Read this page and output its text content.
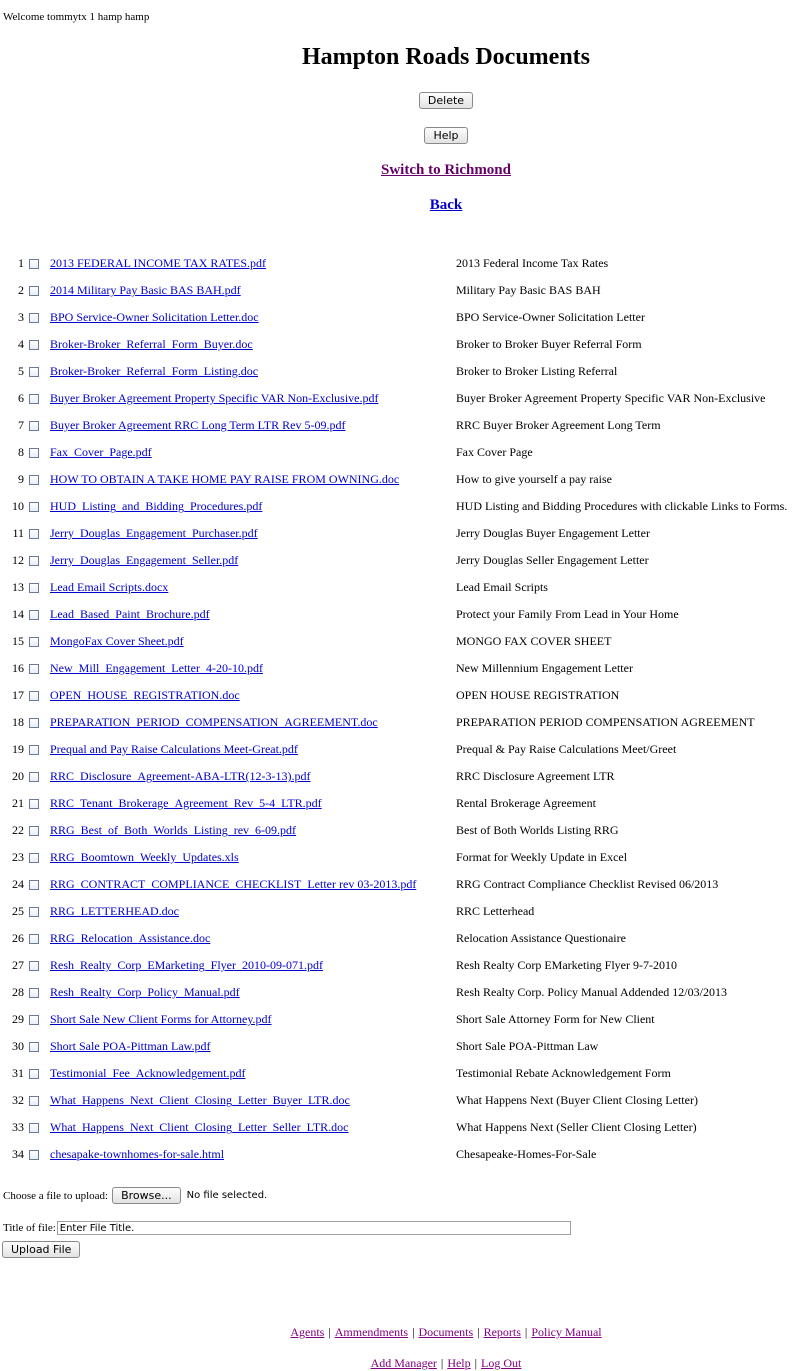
Welcome tommytx 1 hamp hamp
Hampton Roads Documents
Delete
Help
Switch to Richmond
Back
1	2013 FEDERAL INCOME TAX RATES.pdf	2013 Federal Income Tax Rates
2	2014 Military Pay Basic BAS BAH.pdf	Military Pay Basic BAS BAH
3	BPO Service-Owner Solicitation Letter.doc	BPO Service-Owner Solicitation Letter
4	Broker-Broker_Referral_Form_Buyer.doc	Broker to Broker Buyer Referral Form
5	Broker-Broker_Referral_Form_Listing.doc	Broker to Broker Listing Referral
6	Buyer Broker Agreement Property Specific VAR Non-Exclusive.pdf	Buyer Broker Agreement Property Specific VAR Non-Exclusive
7	Buyer Broker Agreement RRC Long Term LTR Rev 5-09.pdf	RRC Buyer Broker Agreement Long Term
8	Fax_Cover_Page.pdf	Fax Cover Page
9	HOW TO OBTAIN A TAKE HOME PAY RAISE FROM OWNING.doc	How to give yourself a pay raise
10	HUD_Listing_and_Bidding_Procedures.pdf	HUD Listing and Bidding Procedures with clickable Links to Forms.
11	Jerry_Douglas_Engagement_Purchaser.pdf	Jerry Douglas Buyer Engagement Letter
12	Jerry_Douglas_Engagement_Seller.pdf	Jerry Douglas Seller Engagement Letter
13	Lead Email Scripts.docx	Lead Email Scripts
14	Lead_Based_Paint_Brochure.pdf	Protect your Family From Lead in Your Home
15	MongoFax Cover Sheet.pdf	MONGO FAX COVER SHEET
16	New_Mill_Engagement_Letter_4-20-10.pdf	New Millennium Engagement Letter
17	OPEN_HOUSE_REGISTRATION.doc	OPEN HOUSE REGISTRATION
18	PREPARATION_PERIOD_COMPENSATION_AGREEMENT.doc	PREPARATION PERIOD COMPENSATION AGREEMENT
19	Prequal and Pay Raise Calculations Meet-Great.pdf	Prequal & Pay Raise Calculations Meet/Greet
20	RRC_Disclosure_Agreement-ABA-LTR(12-3-13).pdf	RRC Disclosure Agreement LTR
21	RRC_Tenant_Brokerage_Agreement_Rev_5-4_LTR.pdf	Rental Brokerage Agreement
22	RRG_Best_of_Both_Worlds_Listing_rev_6-09.pdf	Best of Both Worlds Listing RRG
23	RRG_Boomtown_Weekly_Updates.xls	Format for Weekly Update in Excel
24	RRG_CONTRACT_COMPLIANCE_CHECKLIST_Letter rev 03-2013.pdf	RRG Contract Compliance Checklist Revised 06/2013
25	RRG_LETTERHEAD.doc	RRC Letterhead
26	RRG_Relocation_Assistance.doc	Relocation Assistance Questionaire
27	Resh_Realty_Corp_EMarketing_Flyer_2010-09-071.pdf	Resh Realty Corp EMarketing Flyer 9-7-2010
28	Resh_Realty_Corp_Policy_Manual.pdf	Resh Realty Corp. Policy Manual Addended 12/03/2013
29	Short Sale New Client Forms for Attorney.pdf	Short Sale Attorney Form for New Client
30	Short Sale POA-Pittman Law.pdf	Short Sale POA-Pittman Law
31	Testimonial_Fee_Acknowledgement.pdf	Testimonial Rebate Acknowledgement Form
32	What_Happens_Next_Client_Closing_Letter_Buyer_LTR.doc	What Happens Next (Buyer Client Closing Letter)
33	What_Happens_Next_Client_Closing_Letter_Seller_LTR.doc	What Happens Next (Seller Client Closing Letter)
34	chesapake-townhomes-for-sale.html	Chesapeake-Homes-For-Sale
Choose a file to upload:	Browse...	No file selected.
Title of file:
Enter File Title.
Upload File
Agents | Ammendments | Documents | Reports | Policy Manual
Add Manager | Help | Log Out
